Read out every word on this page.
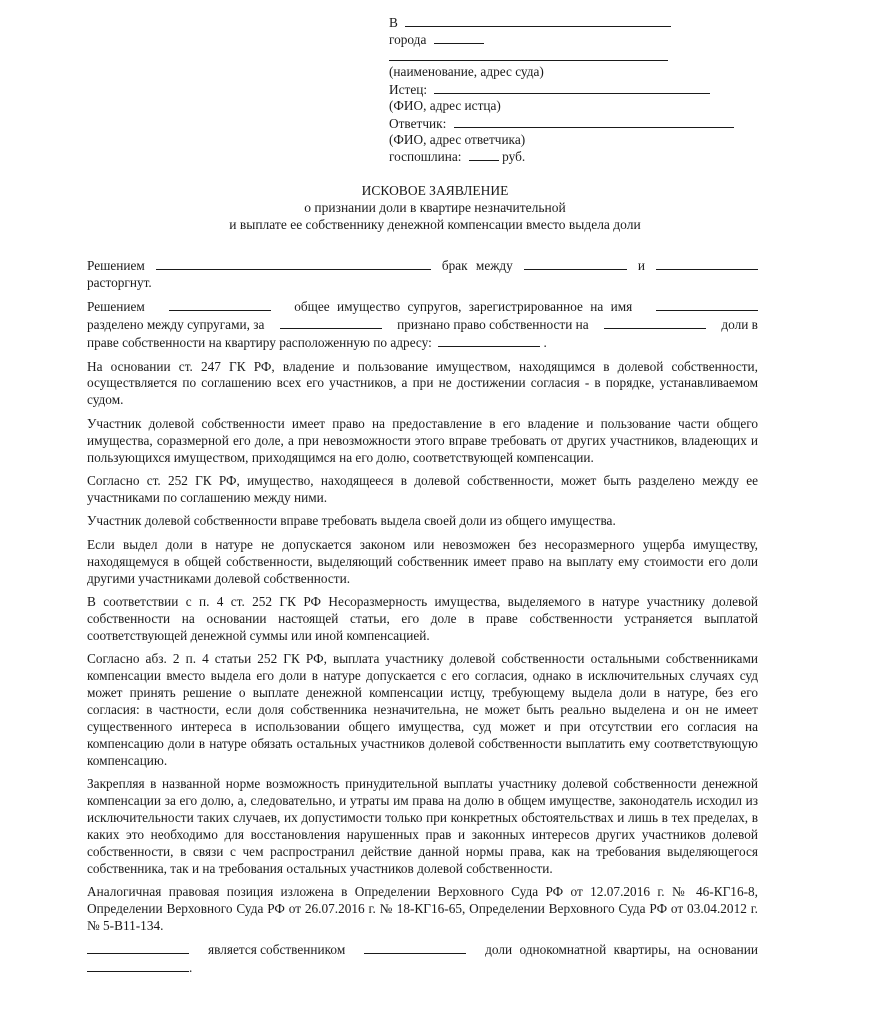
В
города
(наименование, адрес суда)
Истец:
(ФИО, адрес истца)
Ответчик:
(ФИО, адрес ответчика)
госпошлина:	руб.
ИСКОВОЕ ЗАЯВЛЕНИЕ
о признании доли в квартире незначительной
и выплате ее собственнику денежной компенсации вместо выдела доли
Решением	брак между	и
расторгнут.
Решением	общее имущество супругов, зарегистрированное на имя
разделено между супругами, за	признано право собственности на	доли в
праве собственности на квартиру расположенную по адресу:	.
На основании ст. 247 ГК РФ, владение и пользование имуществом, находящимся в долевой собственности, осуществляется по соглашению всех его участников, а при не достижении согласия - в порядке, устанавливаемом судом.
Участник долевой собственности имеет право на предоставление в его владение и пользование части общего имущества, соразмерной его доле, а при невозможности этого вправе требовать от других участников, владеющих и пользующихся имуществом, приходящимся на его долю, соответствующей компенсации.
Согласно ст. 252 ГК РФ, имущество, находящееся в долевой собственности, может быть разделено между ее участниками по соглашению между ними.
Участник долевой собственности вправе требовать выдела своей доли из общего имущества.
Если выдел доли в натуре не допускается законом или невозможен без несоразмерного ущерба имуществу, находящемуся в общей собственности, выделяющий собственник имеет право на выплату ему стоимости его доли другими участниками долевой собственности.
В соответствии с п. 4 ст. 252 ГК РФ Несоразмерность имущества, выделяемого в натуре участнику долевой собственности на основании настоящей статьи, его доле в праве собственности устраняется выплатой соответствующей денежной суммы или иной компенсацией.
Согласно абз. 2 п. 4 статьи 252 ГК РФ, выплата участнику долевой собственности остальными собственниками компенсации вместо выдела его доли в натуре допускается с его согласия, однако в исключительных случаях суд может принять решение о выплате денежной компенсации истцу, требующему выдела доли в натуре, без его согласия: в частности, если доля собственника незначительна, не может быть реально выделена и он не имеет существенного интереса в использовании общего имущества, суд может и при отсутствии его согласия на компенсацию доли в натуре обязать остальных участников долевой собственности выплатить ему соответствующую компенсацию.
Закрепляя в названной норме возможность принудительной выплаты участнику долевой собственности денежной компенсации за его долю, а, следовательно, и утраты им права на долю в общем имуществе, законодатель исходил из исключительности таких случаев, их допустимости только при конкретных обстоятельствах и лишь в тех пределах, в каких это необходимо для восстановления нарушенных прав и законных интересов других участников долевой собственности, в связи с чем распространил действие данной нормы права, как на требования выделяющегося собственника, так и на требования остальных участников долевой собственности.
Аналогичная правовая позиция изложена в Определении Верховного Суда РФ от 12.07.2016 г. № 46-КГ16-8, Определении Верховного Суда РФ от 26.07.2016 г. № 18-КГ16-65, Определении Верховного Суда РФ от 03.04.2012 г. № 5-В11-134.
является собственником	доли однокомнатной квартиры, на основании
.
